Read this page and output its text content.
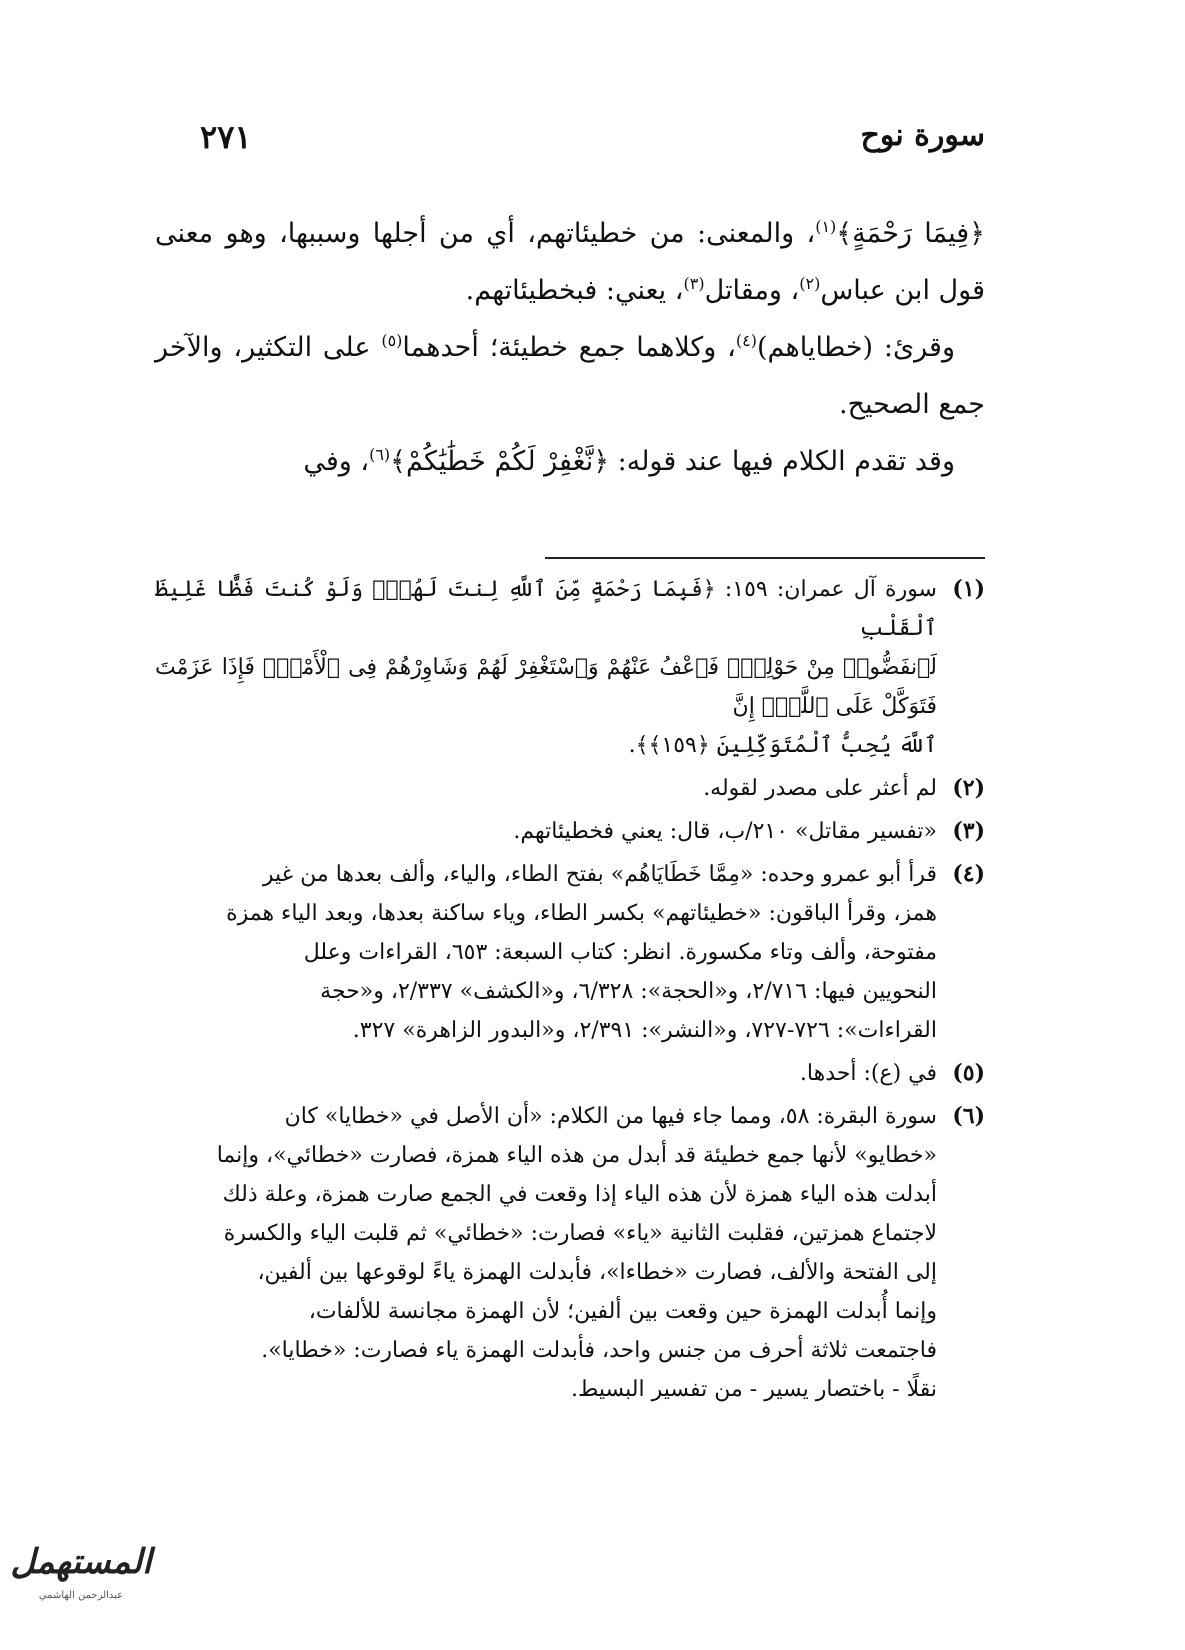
سورة نوح
٢٧١

﴿فِيمَا رَحْمَةٍ﴾$^{(١)}$، والمعنى: من خطيئاتهم، أي من أجلها وسببها، وهو معنى قول ابن عباس$^{(٢)}$، ومقاتل$^{(٣)}$، يعني: فبخطيئاتهم.

وقرئ: (خطاياهم)$^{(٤)}$، وكلاهما جمع خطيئة؛ أحدهما$^{(٥)}$ على التكثير، والآخر جمع الصحيح.

وقد تقدم الكلام فيها عند قوله: ﴿نَّغْفِرْ لَكُمْ خَطَٰيَٰكُمْ﴾$^{(٦)}$، وفي

(١)
سورة آل عمران: ١٥٩: ﴿فَبِمَا رَحْمَةٍ مِّنَ ٱللَّهِ لِنتَ لَهُمْۖ وَلَوْ كُنتَ فَظًّا غَلِيظَ ٱلْقَلْبِ
لَٱنفَضُّوا۟ مِنْ حَوْلِكَۖ فَٱعْفُ عَنْهُمْ وَٱسْتَغْفِرْ لَهُمْ وَشَاوِرْهُمْ فِى ٱلْأَمْرِۖ فَإِذَا عَزَمْتَ فَتَوَكَّلْ عَلَى ٱللَّهِۚ إِنَّ
ٱللَّهَ يُحِبُّ ٱلْمُتَوَكِّلِينَ ﴿١٥٩﴾﴾.
(٢)
لم أعثر على مصدر لقوله.
(٣)
«تفسير مقاتل» ٢١٠/ب، قال: يعني فخطيئاتهم.
(٤)
قرأ أبو عمرو وحده: «مِمَّا خَطَايَاهُم» بفتح الطاء، والياء، وألف بعدها من غير
همز، وقرأ الباقون: «خطيئاتهم» بكسر الطاء، وياء ساكنة بعدها، وبعد الياء همزة
مفتوحة، وألف وتاء مكسورة. انظر: كتاب السبعة: ٦٥٣، القراءات وعلل
النحويين فيها: ٢/٧١٦، و«الحجة»: ٦/٣٢٨، و«الكشف» ٢/٣٣٧، و«حجة
القراءات»: ٧٢٦-٧٢٧، و«النشر»: ٢/٣٩١، و«البدور الزاهرة» ٣٢٧.
(٥)
في (ع): أحدها.
(٦)
سورة البقرة: ٥٨، ومما جاء فيها من الكلام: «أن الأصل في «خطايا» كان
«خطايو» لأنها جمع خطيئة قد أبدل من هذه الياء همزة، فصارت «خطائي»، وإنما
أبدلت هذه الياء همزة لأن هذه الياء إذا وقعت في الجمع صارت همزة، وعلة ذلك
لاجتماع همزتين، فقلبت الثانية «ياء» فصارت: «خطائي» ثم قلبت الياء والكسرة
إلى الفتحة والألف، فصارت «خطاءا»، فأبدلت الهمزة ياءً لوقوعها بين ألفين،
وإنما أُبدلت الهمزة حين وقعت بين ألفين؛ لأن الهمزة مجانسة للألفات،
فاجتمعت ثلاثة أحرف من جنس واحد، فأبدلت الهمزة ياء فصارت: «خطايا».
نقلًا - باختصار يسير - من تفسير البسيط.
المستهمل
عبدالرحمن الهاشمي
